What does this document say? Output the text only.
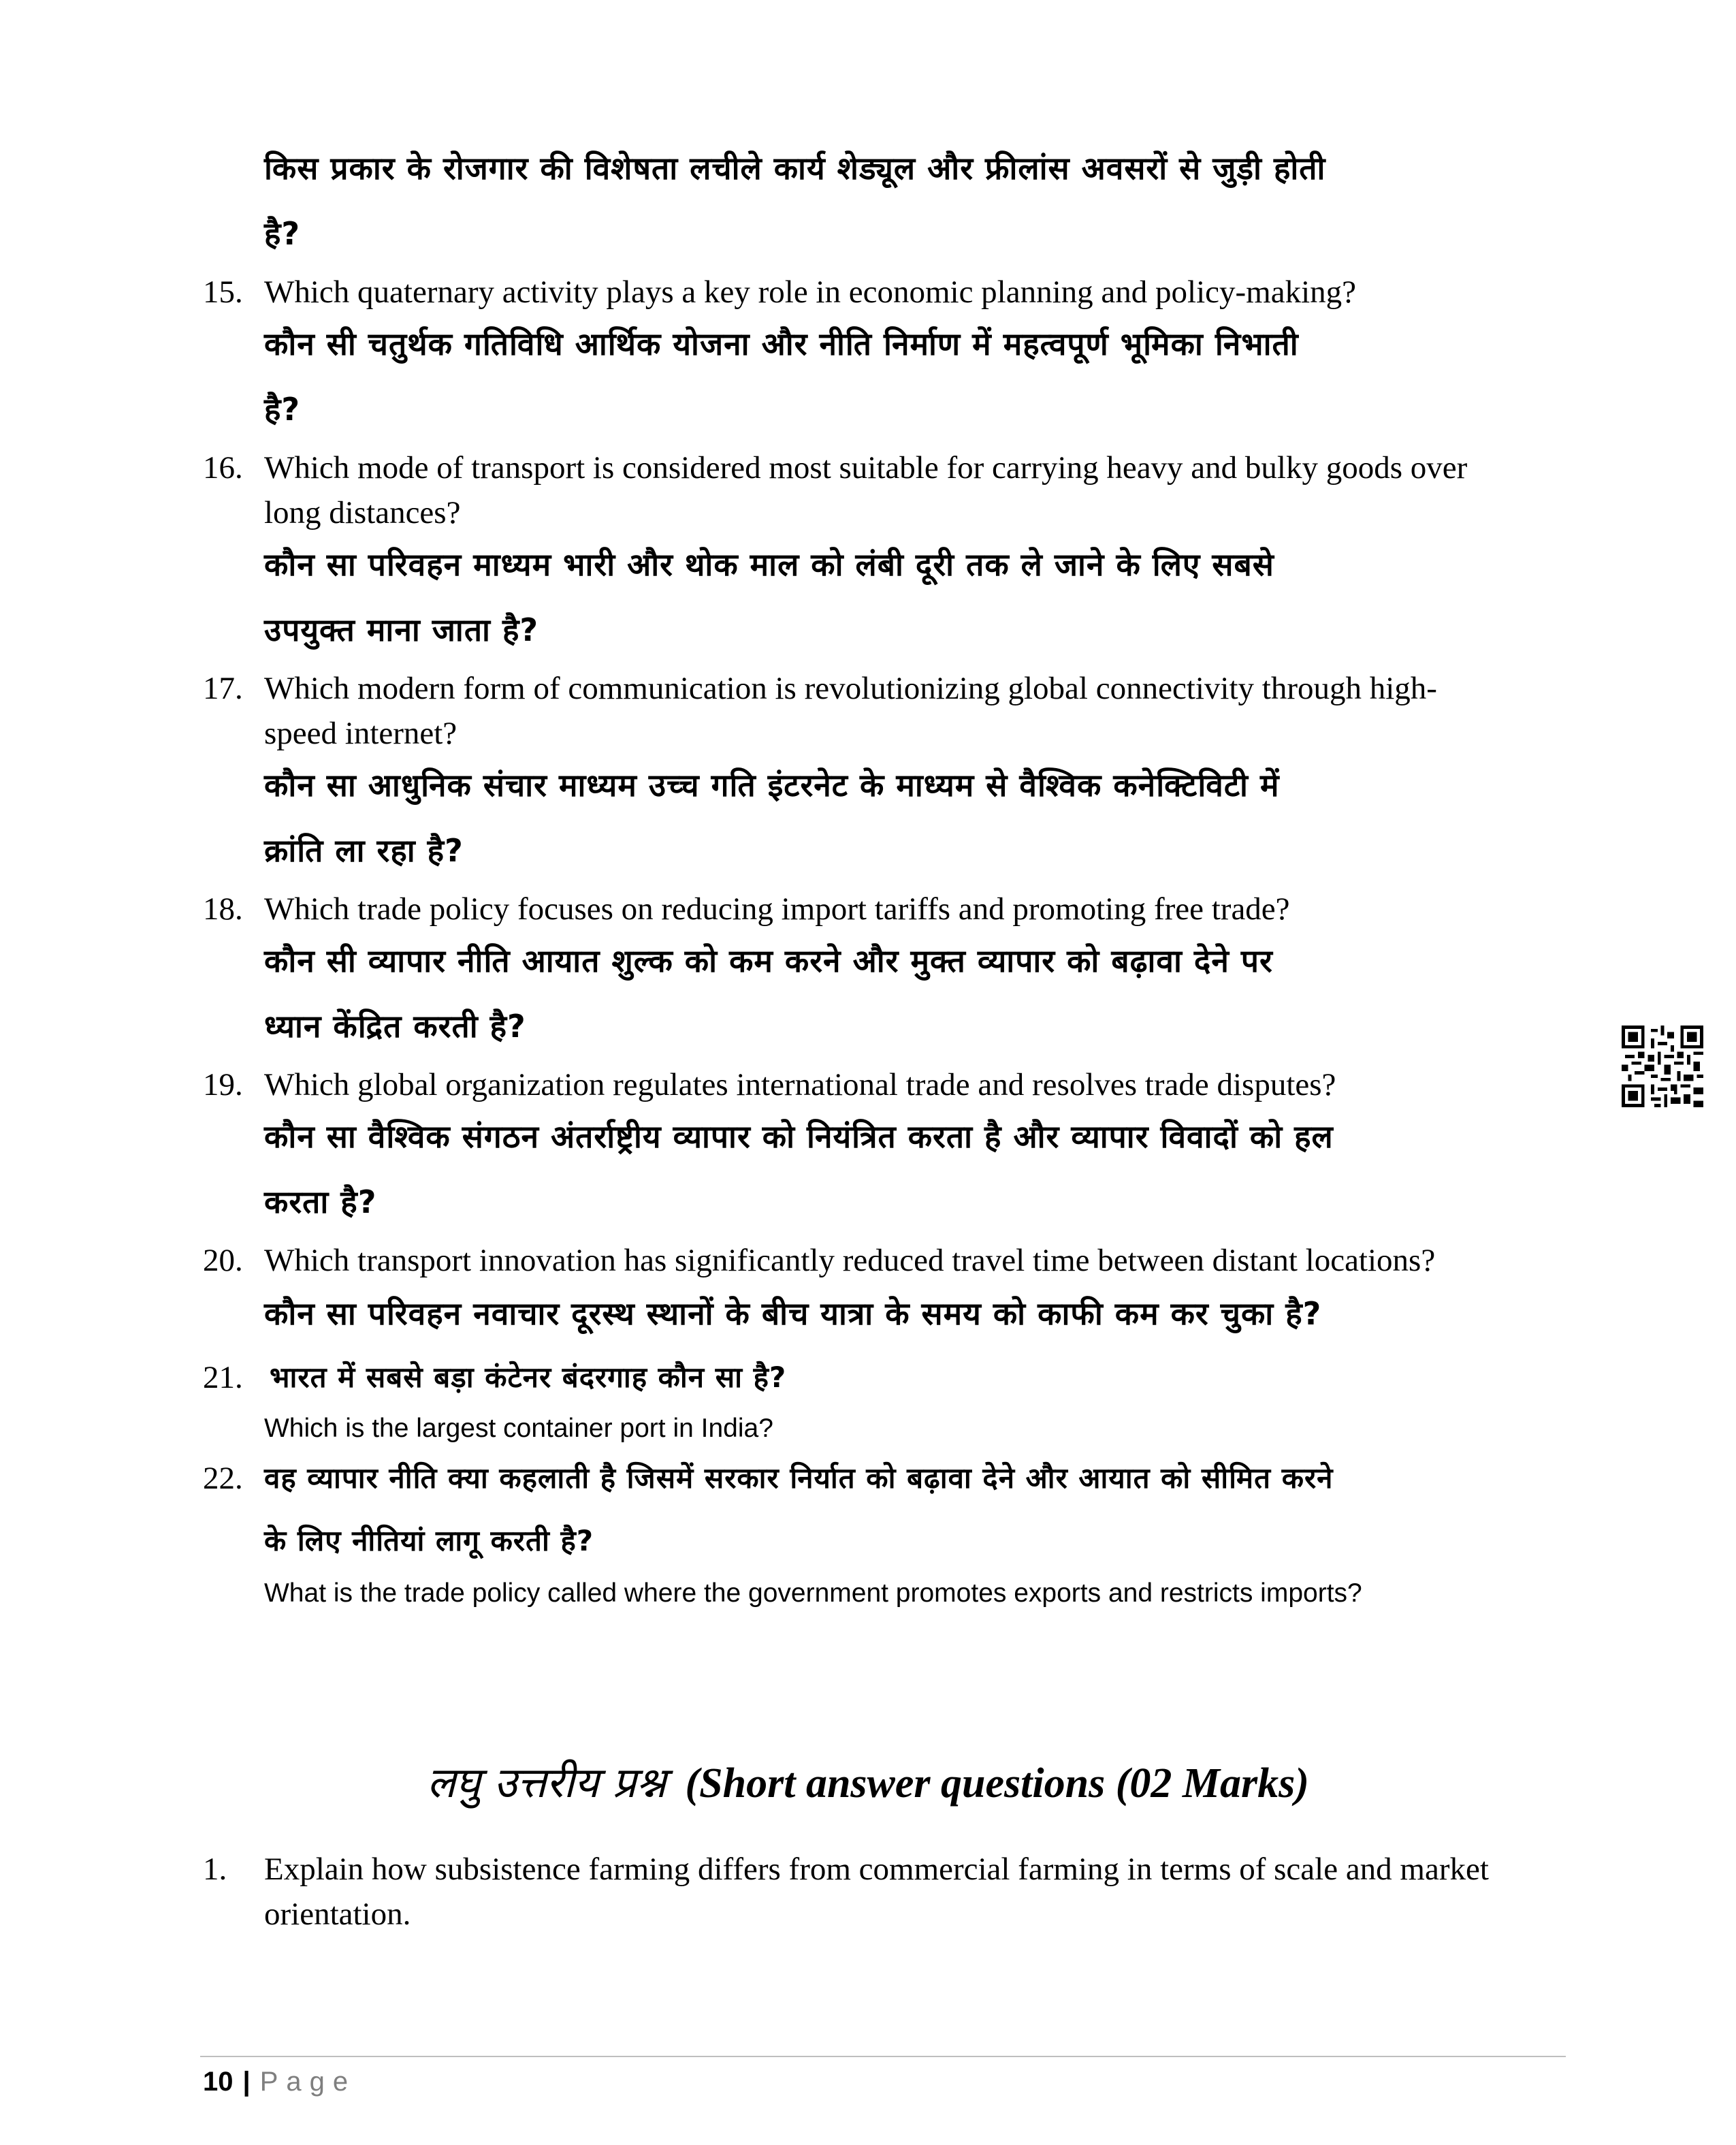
किस प्रकार के रोजगार की विशेषता लचीले कार्य शेड्यूल और फ्रीलांस अवसरों से जुड़ी होती
है?
15. Which quaternary activity plays a key role in economic planning and policy-making?
कौन सी चतुर्थक गतिविधि आर्थिक योजना और नीति निर्माण में महत्वपूर्ण भूमिका निभाती
है?
16. Which mode of transport is considered most suitable for carrying heavy and bulky goods over
long distances?
कौन सा परिवहन माध्यम भारी और थोक माल को लंबी दूरी तक ले जाने के लिए सबसे
उपयुक्त माना जाता है?
17. Which modern form of communication is revolutionizing global connectivity through high-
speed internet?
कौन सा आधुनिक संचार माध्यम उच्च गति इंटरनेट के माध्यम से वैश्विक कनेक्टिविटी में
क्रांति ला रहा है?
18. Which trade policy focuses on reducing import tariffs and promoting free trade?
कौन सी व्यापार नीति आयात शुल्क को कम करने और मुक्त व्यापार को बढ़ावा देने पर
ध्यान केंद्रित करती है?
19. Which global organization regulates international trade and resolves trade disputes?
कौन सा वैश्विक संगठन अंतर्राष्ट्रीय व्यापार को नियंत्रित करता है और व्यापार विवादों को हल
करता है?
20. Which transport innovation has significantly reduced travel time between distant locations?
कौन सा परिवहन नवाचार दूरस्थ स्थानों के बीच यात्रा के समय को काफी कम कर चुका है?
21. भारत में सबसे बड़ा कंटेनर बंदरगाह कौन सा है?
Which is the largest container port in India?
22. वह व्यापार नीति क्या कहलाती है जिसमें सरकार निर्यात को बढ़ावा देने और आयात को सीमित करने
के लिए नीतियां लागू करती है?
What is the trade policy called where the government promotes exports and restricts imports?
लघु उत्तरीय प्रश्न (Short answer questions (02 Marks)
1. Explain how subsistence farming differs from commercial farming in terms of scale and market
orientation.
10 | Page
